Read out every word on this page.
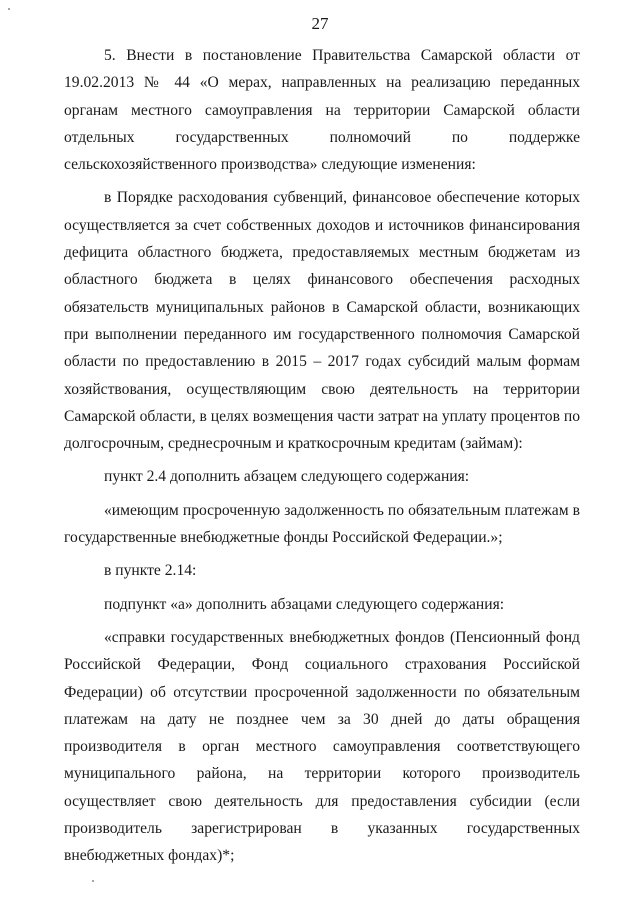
27

5. Внести в постановление Правительства Самарской области от 19.02.2013 № 44 «О мерах, направленных на реализацию переданных органам местного самоуправления на территории Самарской области отдельных государственных полномочий по поддержке сельскохозяйственного производства» следующие изменения:

в Порядке расходования субвенций, финансовое обеспечение которых осуществляется за счет собственных доходов и источников финансирования дефицита областного бюджета, предоставляемых местным бюджетам из областного бюджета в целях финансового обеспечения расходных обязательств муниципальных районов в Самарской области, возникающих при выполнении переданного им государственного полномочия Самарской области по предоставлению в 2015 – 2017 годах субсидий малым формам хозяйствования, осуществляющим свою деятельность на территории Самарской области, в целях возмещения части затрат на уплату процентов по долгосрочным, среднесрочным и краткосрочным кредитам (займам):

пункт 2.4 дополнить абзацем следующего содержания:

«имеющим просроченную задолженность по обязательным платежам в государственные внебюджетные фонды Российской Федерации.»;

в пункте 2.14:

подпункт «а» дополнить абзацами следующего содержания:

«справки государственных внебюджетных фондов (Пенсионный фонд Российской Федерации, Фонд социального страхования Российской Федерации) об отсутствии просроченной задолженности по обязательным платежам на дату не позднее чем за 30 дней до даты обращения производителя в орган местного самоуправления соответствующего муниципального района, на территории которого производитель осуществляет свою деятельность для предоставления субсидии (если производитель зарегистрирован в указанных государственных внебюджетных фондах)*;
